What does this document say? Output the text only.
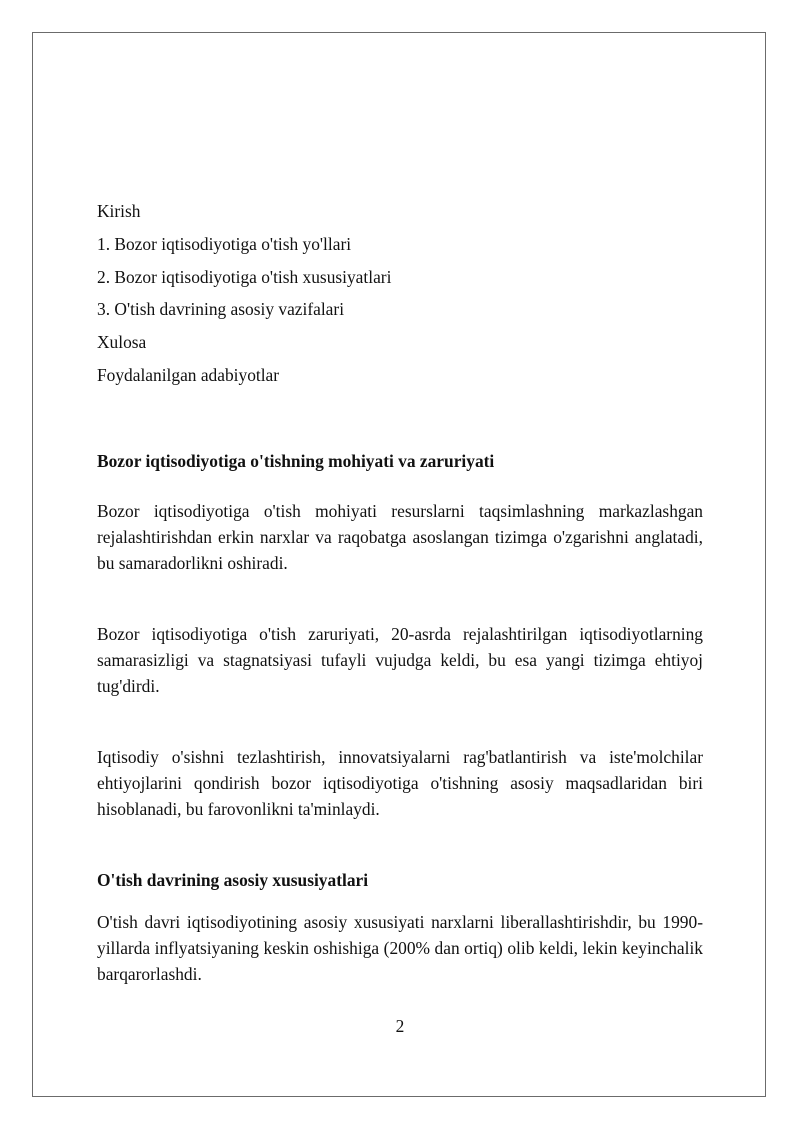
Kirish
1. Bozor iqtisodiyotiga o'tish yo'llari
2. Bozor iqtisodiyotiga o'tish xususiyatlari
3. O'tish davrining asosiy vazifalari
Xulosa
Foydalanilgan adabiyotlar
Bozor iqtisodiyotiga o'tishning mohiyati va zaruriyati

Bozor iqtisodiyotiga o'tish mohiyati resurslarni taqsimlashning markazlashgan rejalashtirishdan erkin narxlar va raqobatga asoslangan tizimga o'zgarishni anglatadi, bu samaradorlikni oshiradi.

Bozor iqtisodiyotiga o'tish zaruriyati, 20-asrda rejalashtirilgan iqtisodiyotlarning samarasizligi va stagnatsiyasi tufayli vujudga keldi, bu esa yangi tizimga ehtiyoj tug'dirdi.

Iqtisodiy o'sishni tezlashtirish, innovatsiyalarni rag'batlantirish va iste'molchilar ehtiyojlarini qondirish bozor iqtisodiyotiga o'tishning asosiy maqsadlaridan biri hisoblanadi, bu farovonlikni ta'minlaydi.

O'tish davrining asosiy xususiyatlari

O'tish davri iqtisodiyotining asosiy xususiyati narxlarni liberallashtirishdir, bu 1990-yillarda inflyatsiyaning keskin oshishiga (200% dan ortiq) olib keldi, lekin keyinchalik barqarorlashdi.

2
